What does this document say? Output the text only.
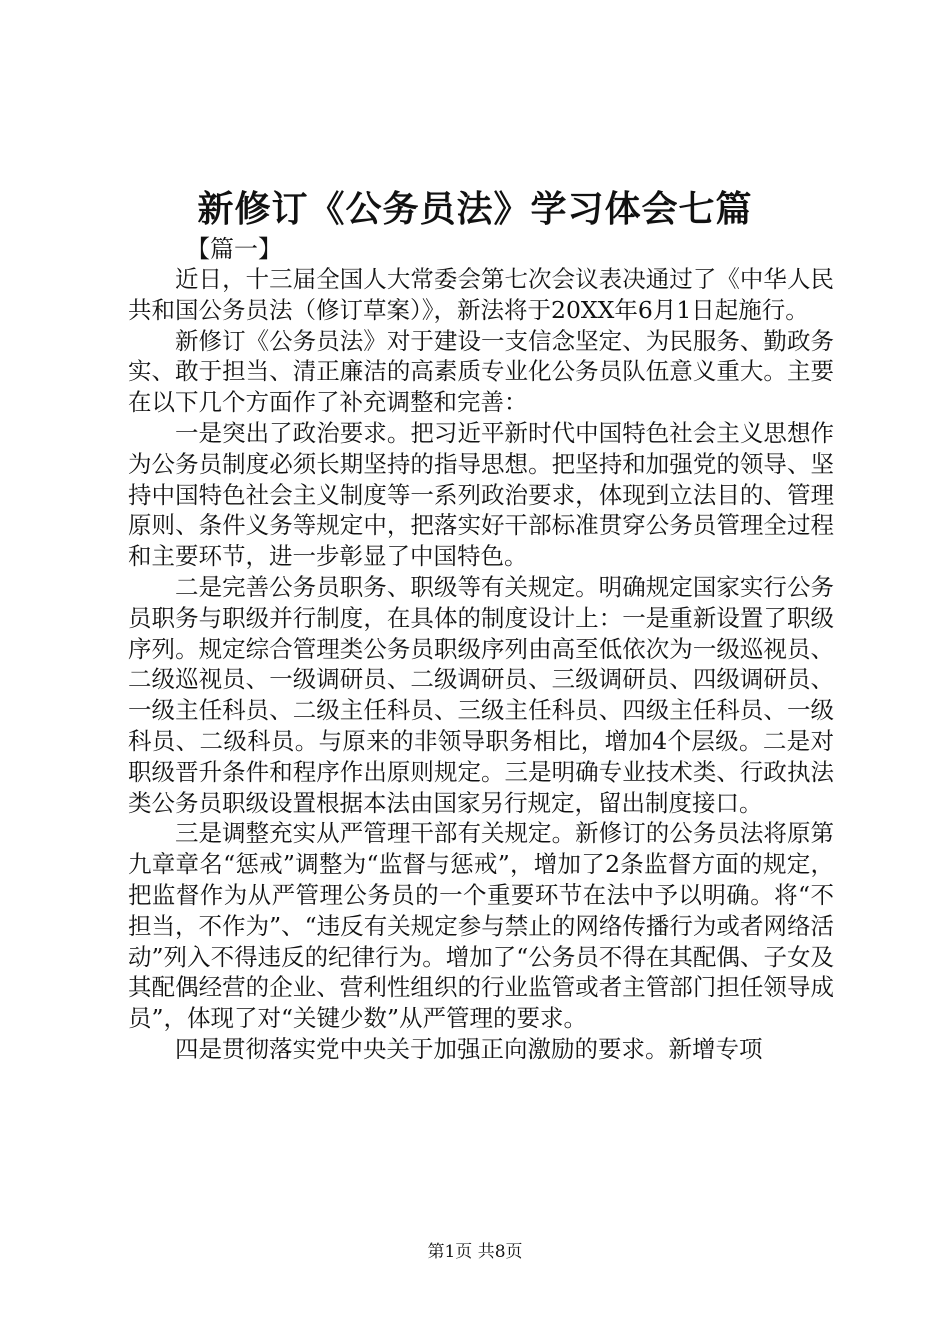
新修订《公务员法》学习体会七篇
【篇一】

近日，十三届全国人大常委会第七次会议表决通过了《中华人民共和国公务员法（修订草案）》，新法将于20XX年6月1日起施行。

新修订《公务员法》对于建设一支信念坚定、为民服务、勤政务实、敢于担当、清正廉洁的高素质专业化公务员队伍意义重大。主要在以下几个方面作了补充调整和完善：

一是突出了政治要求。把习近平新时代中国特色社会主义思想作为公务员制度必须长期坚持的指导思想。把坚持和加强党的领导、坚持中国特色社会主义制度等一系列政治要求，体现到立法目的、管理原则、条件义务等规定中，把落实好干部标准贯穿公务员管理全过程和主要环节，进一步彰显了中国特色。

二是完善公务员职务、职级等有关规定。明确规定国家实行公务员职务与职级并行制度，在具体的制度设计上：一是重新设置了职级序列。规定综合管理类公务员职级序列由高至低依次为一级巡视员、二级巡视员、一级调研员、二级调研员、三级调研员、四级调研员、一级主任科员、二级主任科员、三级主任科员、四级主任科员、一级科员、二级科员。与原来的非领导职务相比，增加4个层级。二是对职级晋升条件和程序作出原则规定。三是明确专业技术类、行政执法类公务员职级设置根据本法由国家另行规定，留出制度接口。

三是调整充实从严管理干部有关规定。新修订的公务员法将原第九章章名“惩戒”调整为“监督与惩戒”，增加了2条监督方面的规定，把监督作为从严管理公务员的一个重要环节在法中予以明确。将“不担当，不作为”、“违反有关规定参与禁止的网络传播行为或者网络活动”列入不得违反的纪律行为。增加了“公务员不得在其配偶、子女及其配偶经营的企业、营利性组织的行业监管或者主管部门担任领导成员”，体现了对“关键少数”从严管理的要求。

四是贯彻落实党中央关于加强正向激励的要求。新增专项

第1页 共8页
